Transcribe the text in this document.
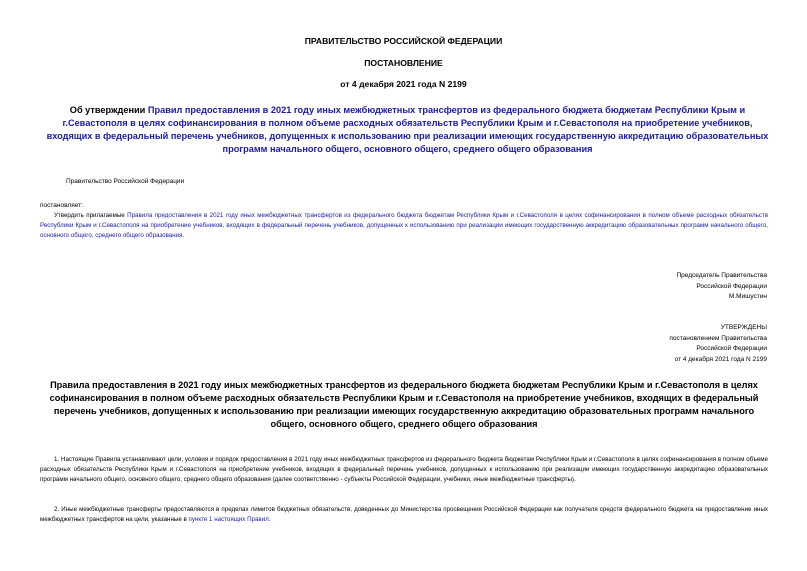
ПРАВИТЕЛЬСТВО РОССИЙСКОЙ ФЕДЕРАЦИИ
ПОСТАНОВЛЕНИЕ
от 4 декабря 2021 года N 2199
Об утверждении Правил предоставления в 2021 году иных межбюджетных трансфертов из федерального бюджета бюджетам Республики Крым и г.Севастополя в целях софинансирования в полном объеме расходных обязательств Республики Крым и г.Севастополя на приобретение учебников, входящих в федеральный перечень учебников, допущенных к использованию при реализации имеющих государственную аккредитацию образовательных программ начального общего, основного общего, среднего общего образования
Правительство Российской Федерации
постановляет:
Утвердить прилагаемые Правила предоставления в 2021 году иных межбюджетных трансфертов из федерального бюджета бюджетам Республики Крым и г.Севастополя в целях софинансирования в полном объеме расходных обязательств Республики Крым и г.Севастополя на приобретение учебников, входящих в федеральный перечень учебников, допущенных к использованию при реализации имеющих государственную аккредитацию образовательных программ начального общего, основного общего, среднего общего образования.
Председатель Правительства
Российской Федерации
М.Мишустин
УТВЕРЖДЕНЫ
постановлением Правительства
Российской Федерации
от 4 декабря 2021 года N 2199
Правила предоставления в 2021 году иных межбюджетных трансфертов из федерального бюджета бюджетам Республики Крым и г.Севастополя в целях софинансирования в полном объеме расходных обязательств Республики Крым и г.Севастополя на приобретение учебников, входящих в федеральный перечень учебников, допущенных к использованию при реализации имеющих государственную аккредитацию образовательных программ начального общего, основного общего, среднего общего образования
1. Настоящие Правила устанавливают цели, условия и порядок предоставления в 2021 году иных межбюджетных трансфертов из федерального бюджета бюджетам Республики Крым и г.Севастополя в целях софинансирования в полном объеме расходных обязательств Республики Крым и г.Севастополя на приобретение учебников, входящих в федеральный перечень учебников, допущенных к использованию при реализации имеющих государственную аккредитацию образовательных программ начального общего, основного общего, среднего общего образования (далее соответственно - субъекты Российской Федерации, учебники, иные межбюджетные трансферты).
2. Иные межбюджетные трансферты предоставляются в пределах лимитов бюджетных обязательств, доведенных до Министерства просвещения Российской Федерации как получателя средств федерального бюджета на предоставление иных межбюджетных трансфертов на цели, указанные в пункте 1 настоящих Правил.
